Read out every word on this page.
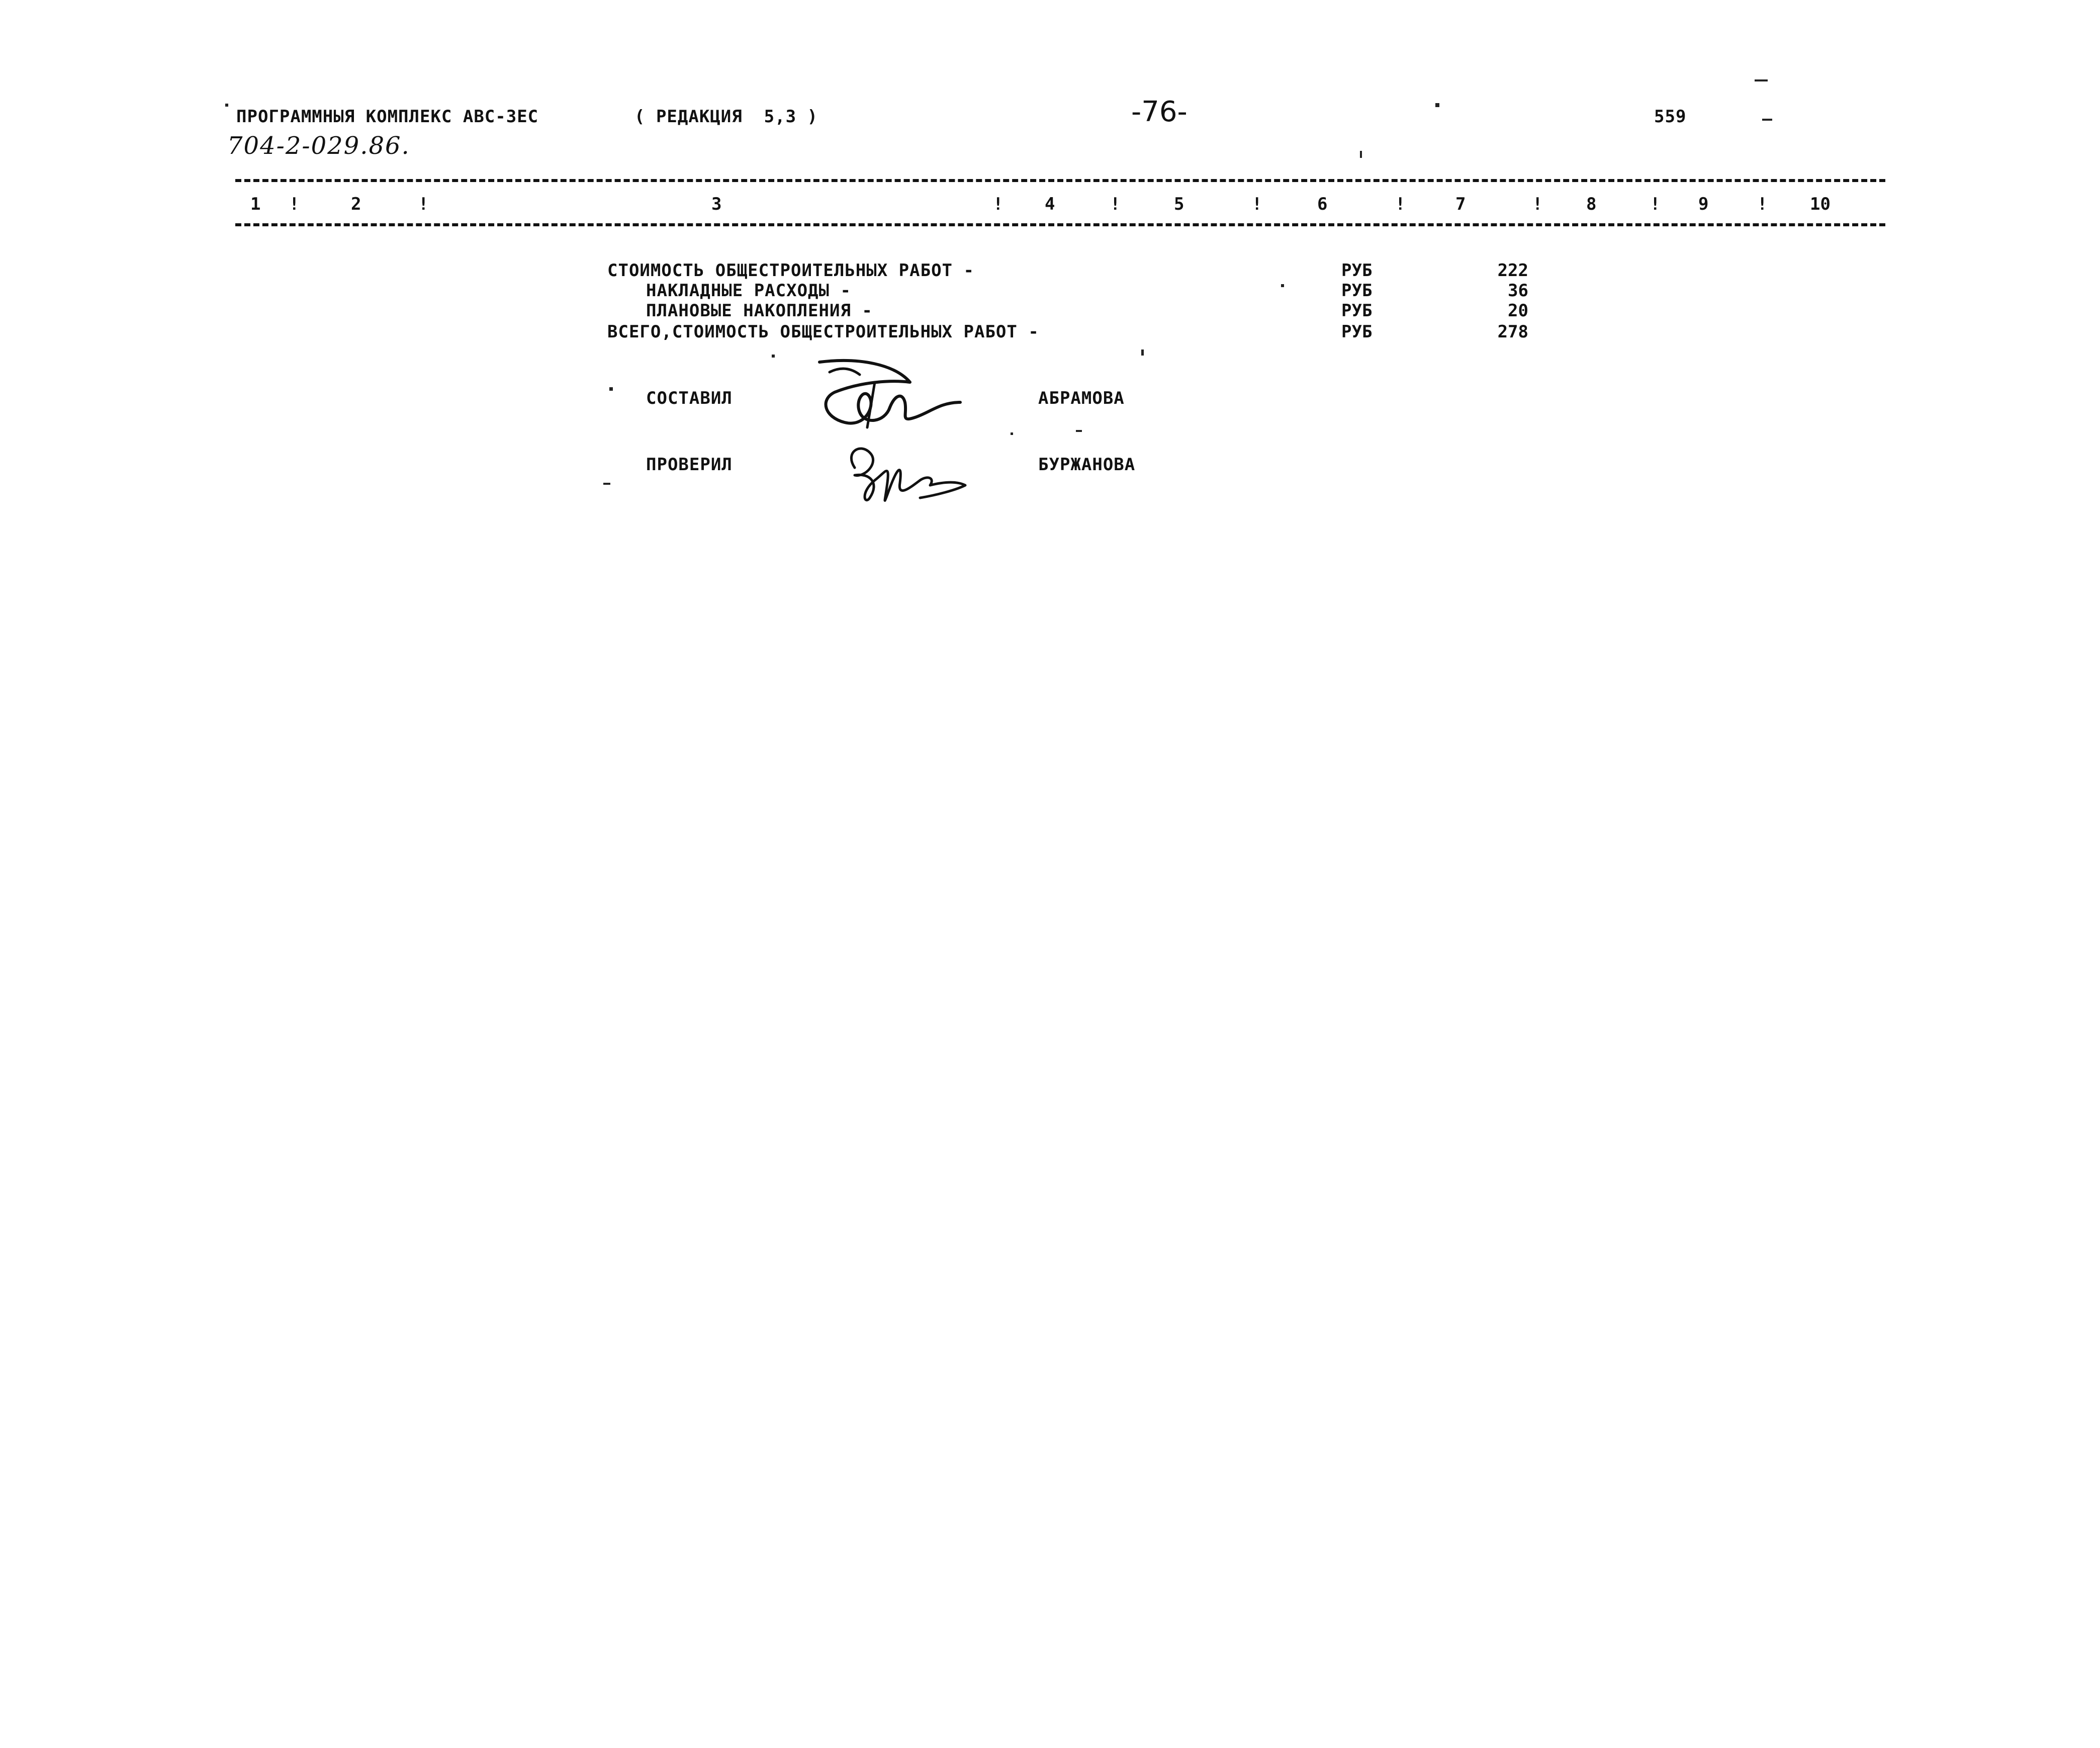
ПРОГРАММНЫЯ КОМПЛЕКС АВС-ЗЕС	( РЕДАКЦИЯ  5,3 )	-76-	559
704-2-029.86.
1 !	2	!	3	! 4	!	5	!	6	!	7	!	8	! 9	! 10
СТОИМОСТЬ ОБЩЕСТРОИТЕЛЬНЫХ РАБОТ -	РУБ	222
НАКЛАДНЫЕ РАСХОДЫ -	РУБ	36
ПЛАНОВЫЕ НАКОПЛЕНИЯ -	РУБ	20
ВСЕГО,СТОИМОСТЬ ОБЩЕСТРОИТЕЛЬНЫХ РАБОТ -	РУБ	278
СОСТАВИЛ	АБРАМОВА
ПРОВЕРИЛ	БУРЖАНОВА
